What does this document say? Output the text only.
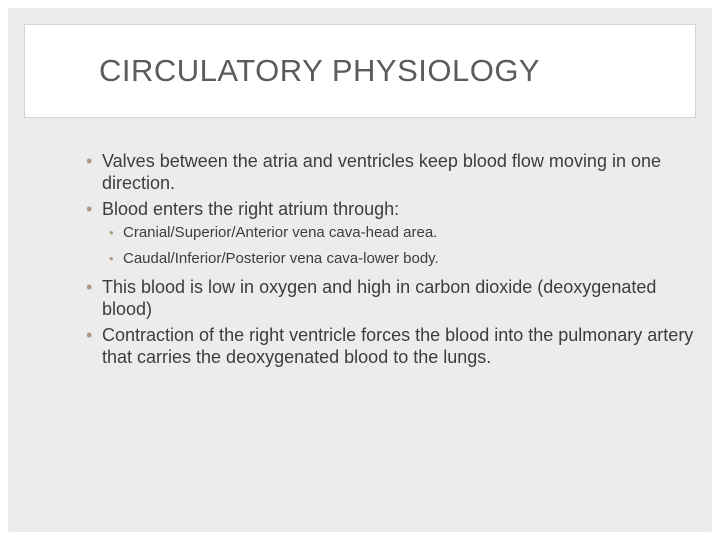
CIRCULATORY PHYSIOLOGY
• Valves between the atria and ventricles keep blood flow moving in one direction.
• Blood enters the right atrium through:
• Cranial/Superior/Anterior vena cava-head area.
• Caudal/Inferior/Posterior vena cava-lower body.
• This blood is low in oxygen and high in carbon dioxide (deoxygenated blood)
• Contraction of the right ventricle forces the blood into the pulmonary artery that carries the deoxygenated blood to the lungs.
